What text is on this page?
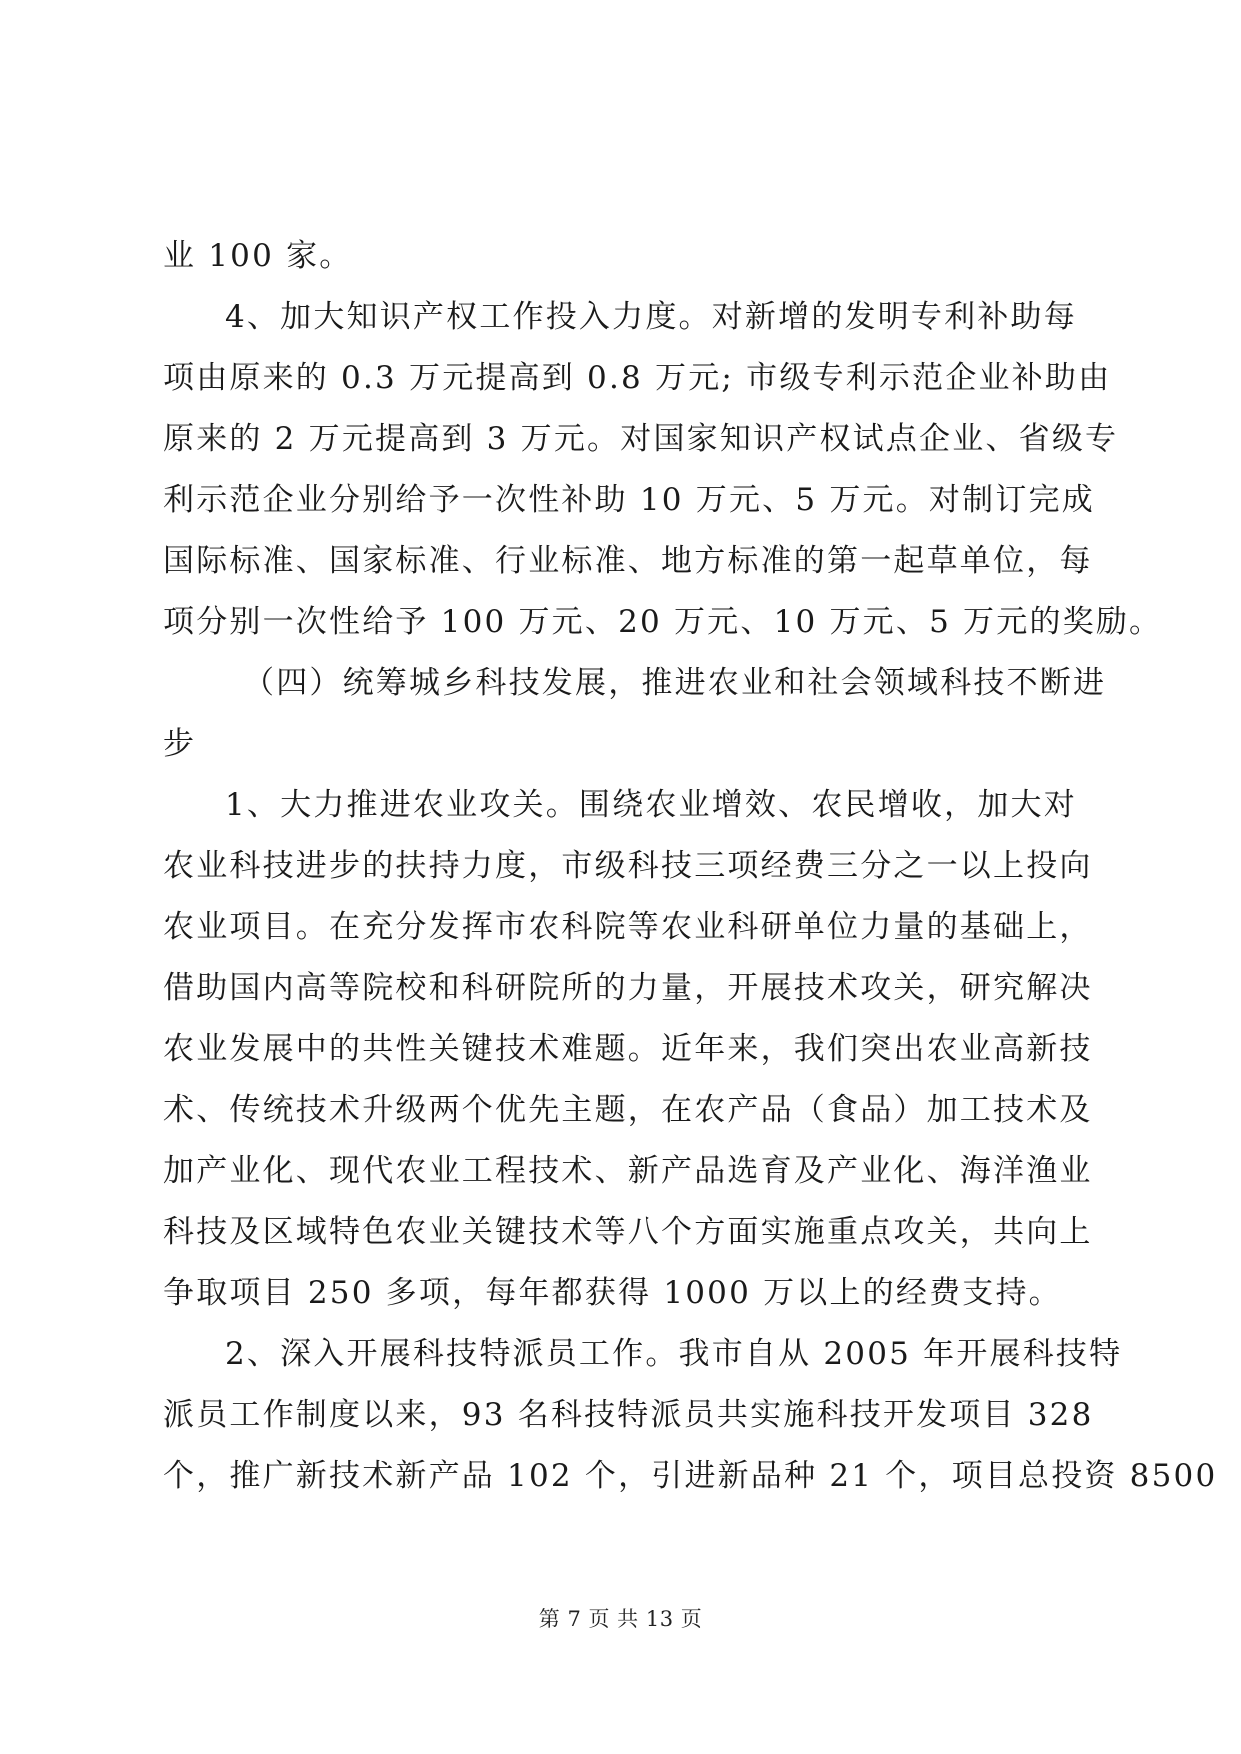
业 100 家。
4、加大知识产权工作投入力度。对新增的发明专利补助每
项由原来的 0.3 万元提高到 0.8 万元; 市级专利示范企业补助由
原来的 2 万元提高到 3 万元。对国家知识产权试点企业、省级专
利示范企业分别给予一次性补助 10 万元、5 万元。对制订完成
国际标准、国家标准、行业标准、地方标准的第一起草单位，每
项分别一次性给予 100 万元、20 万元、10 万元、5 万元的奖励。
（四）统筹城乡科技发展，推进农业和社会领域科技不断进
步
1、大力推进农业攻关。围绕农业增效、农民增收，加大对
农业科技进步的扶持力度，市级科技三项经费三分之一以上投向
农业项目。在充分发挥市农科院等农业科研单位力量的基础上，
借助国内高等院校和科研院所的力量，开展技术攻关，研究解决
农业发展中的共性关键技术难题。近年来，我们突出农业高新技
术、传统技术升级两个优先主题，在农产品（食品）加工技术及
加产业化、现代农业工程技术、新产品选育及产业化、海洋渔业
科技及区域特色农业关键技术等八个方面实施重点攻关，共向上
争取项目 250 多项，每年都获得 1000 万以上的经费支持。
2、深入开展科技特派员工作。我市自从 2005 年开展科技特
派员工作制度以来，93 名科技特派员共实施科技开发项目 328
个，推广新技术新产品 102 个，引进新品种 21 个，项目总投资 8500
第 7 页 共 13 页
